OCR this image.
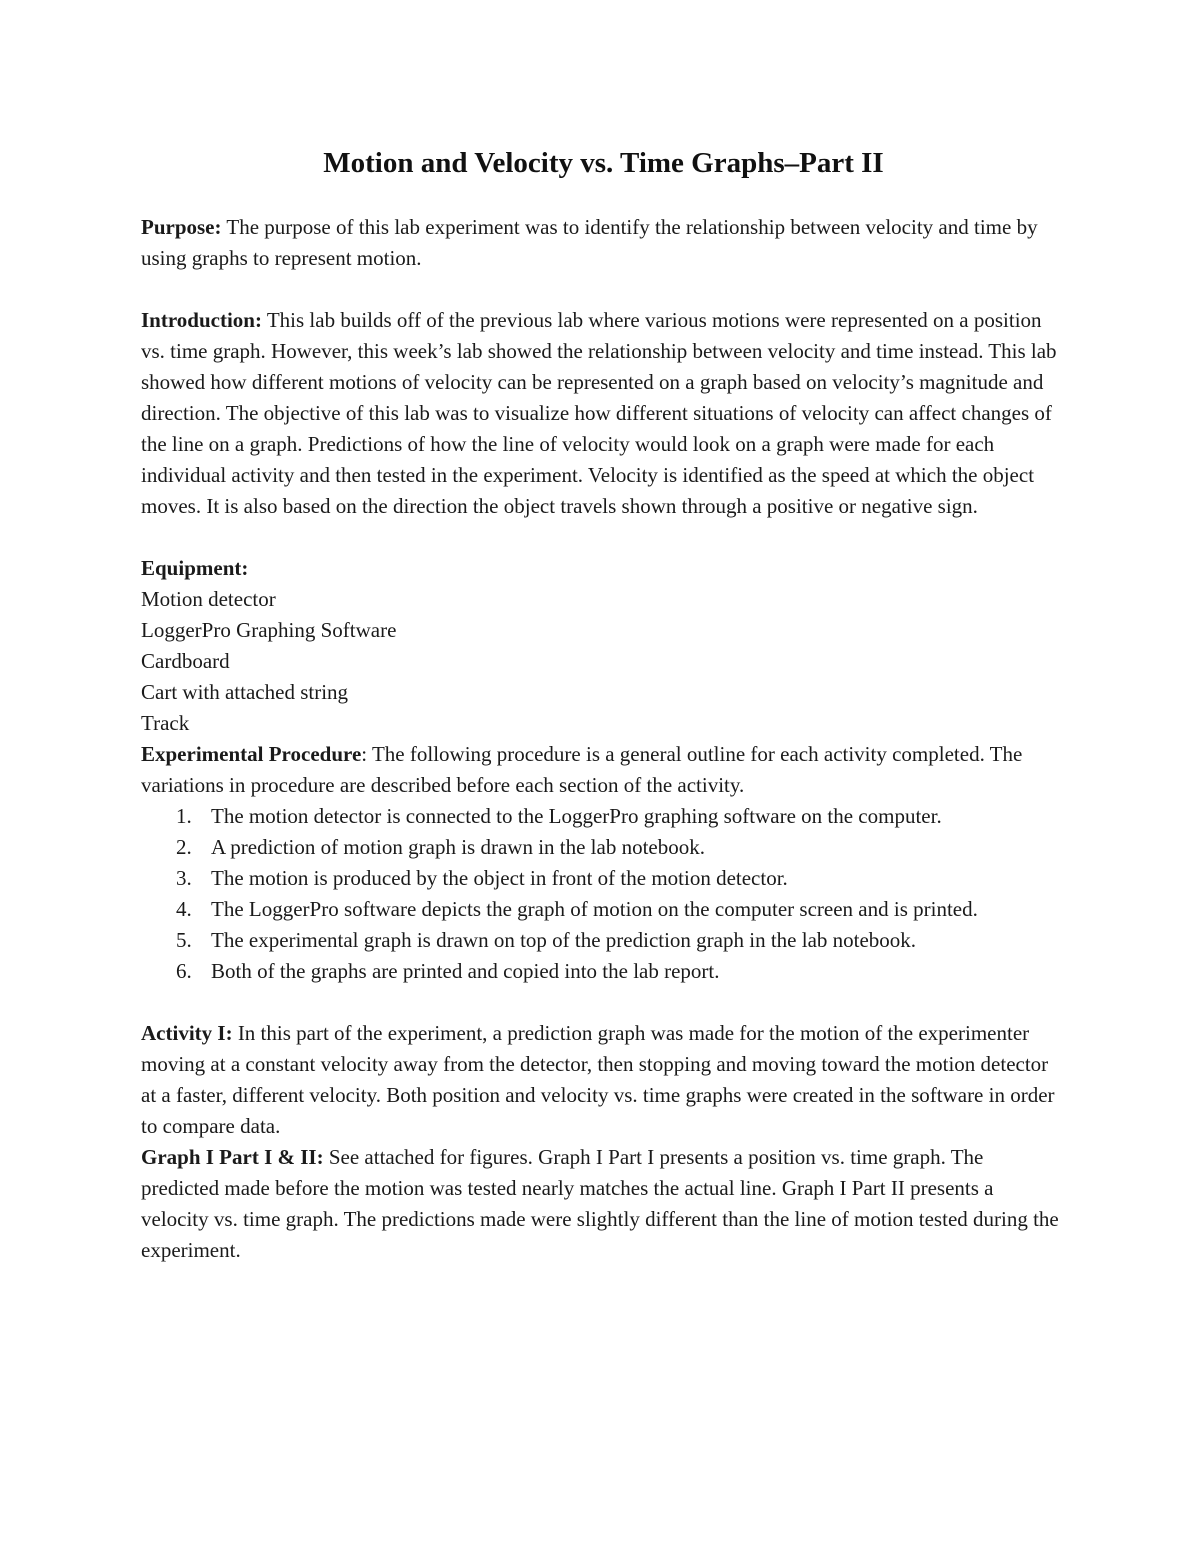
Motion and Velocity vs. Time Graphs–Part II

Purpose: The purpose of this lab experiment was to identify the relationship between velocity and time by using graphs to represent motion.

Introduction: This lab builds off of the previous lab where various motions were represented on a position vs. time graph. However, this week’s lab showed the relationship between velocity and time instead. This lab showed how different motions of velocity can be represented on a graph based on velocity’s magnitude and direction. The objective of this lab was to visualize how different situations of velocity can affect changes of the line on a graph. Predictions of how the line of velocity would look on a graph were made for each individual activity and then tested in the experiment. Velocity is identified as the speed at which the object moves. It is also based on the direction the object travels shown through a positive or negative sign.

Equipment:

Motion detector
LoggerPro Graphing Software
Cardboard
Cart with attached string
Track

Experimental Procedure: The following procedure is a general outline for each activity completed. The variations in procedure are described before each section of the activity.

1. The motion detector is connected to the LoggerPro graphing software on the computer.
2. A prediction of motion graph is drawn in the lab notebook.
3. The motion is produced by the object in front of the motion detector.
4. The LoggerPro software depicts the graph of motion on the computer screen and is printed.
5. The experimental graph is drawn on top of the prediction graph in the lab notebook.
6. Both of the graphs are printed and copied into the lab report.

Activity I: In this part of the experiment, a prediction graph was made for the motion of the experimenter moving at a constant velocity away from the detector, then stopping and moving toward the motion detector at a faster, different velocity. Both position and velocity vs. time graphs were created in the software in order to compare data.

Graph I Part I & II: See attached for figures. Graph I Part I presents a position vs. time graph. The predicted made before the motion was tested nearly matches the actual line. Graph I Part II presents a velocity vs. time graph. The predictions made were slightly different than the line of motion tested during the experiment.
